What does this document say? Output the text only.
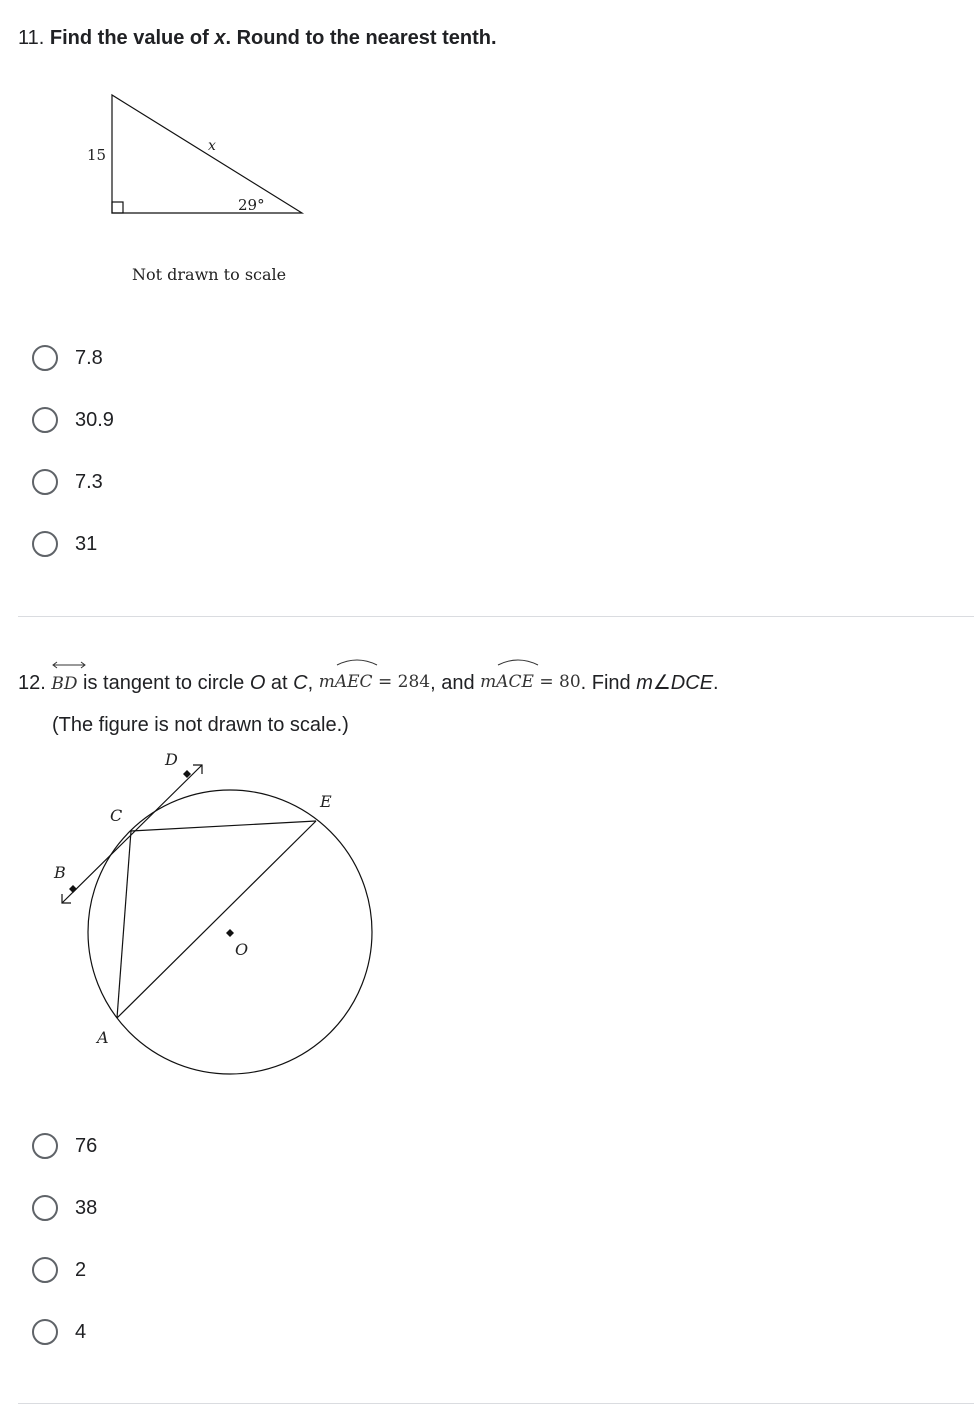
11. Find the value of x. Round to the nearest tenth.
15	x
29°
Not drawn to scale
7.8
30.9
7.3
31
12. BD is tangent to circle O at C, m
AEC = 284, and m
ACE = 80. Find m∠DCE.
(The figure is not drawn to scale.)
D
C
E
B
O
A
76
38
2
4
